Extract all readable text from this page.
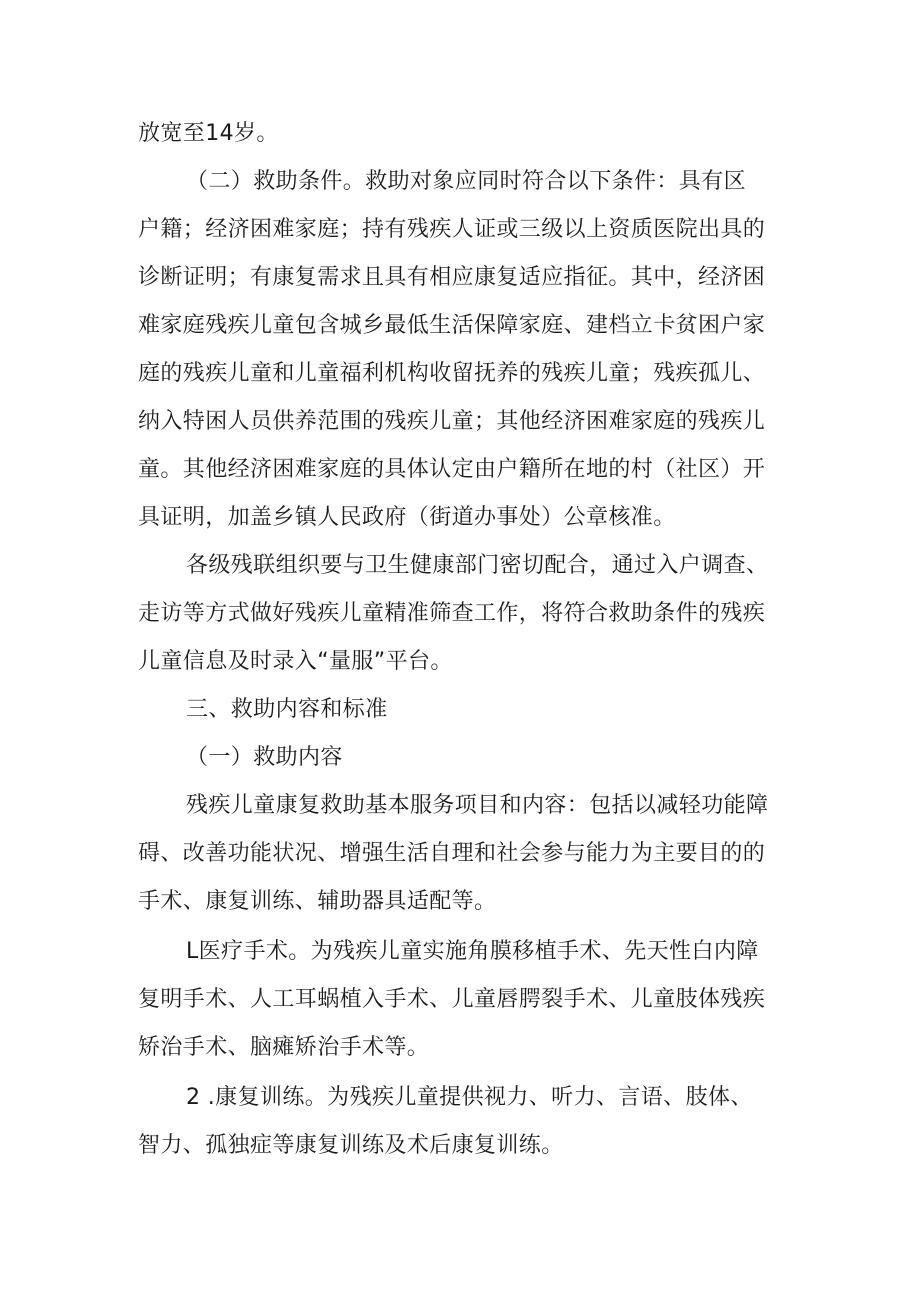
放宽至14岁。
（二）救助条件。救助对象应同时符合以下条件：具有区
户籍；经济困难家庭；持有残疾人证或三级以上资质医院出具的
诊断证明；有康复需求且具有相应康复适应指征。其中，经济困
难家庭残疾儿童包含城乡最低生活保障家庭、建档立卡贫困户家
庭的残疾儿童和儿童福利机构收留抚养的残疾儿童；残疾孤儿、
纳入特困人员供养范围的残疾儿童；其他经济困难家庭的残疾儿
童。其他经济困难家庭的具体认定由户籍所在地的村（社区）开
具证明，加盖乡镇人民政府（街道办事处）公章核准。
各级残联组织要与卫生健康部门密切配合，通过入户调查、
走访等方式做好残疾儿童精准筛查工作，将符合救助条件的残疾
儿童信息及时录入“量服”平台。
三、救助内容和标准
（一）救助内容
残疾儿童康复救助基本服务项目和内容：包括以减轻功能障
碍、改善功能状况、增强生活自理和社会参与能力为主要目的的
手术、康复训练、辅助器具适配等。
L医疗手术。为残疾儿童实施角膜移植手术、先天性白内障
复明手术、人工耳蜗植入手术、儿童唇腭裂手术、儿童肢体残疾
矫治手术、脑瘫矫治手术等。
2 .康复训练。为残疾儿童提供视力、听力、言语、肢体、
智力、孤独症等康复训练及术后康复训练。
